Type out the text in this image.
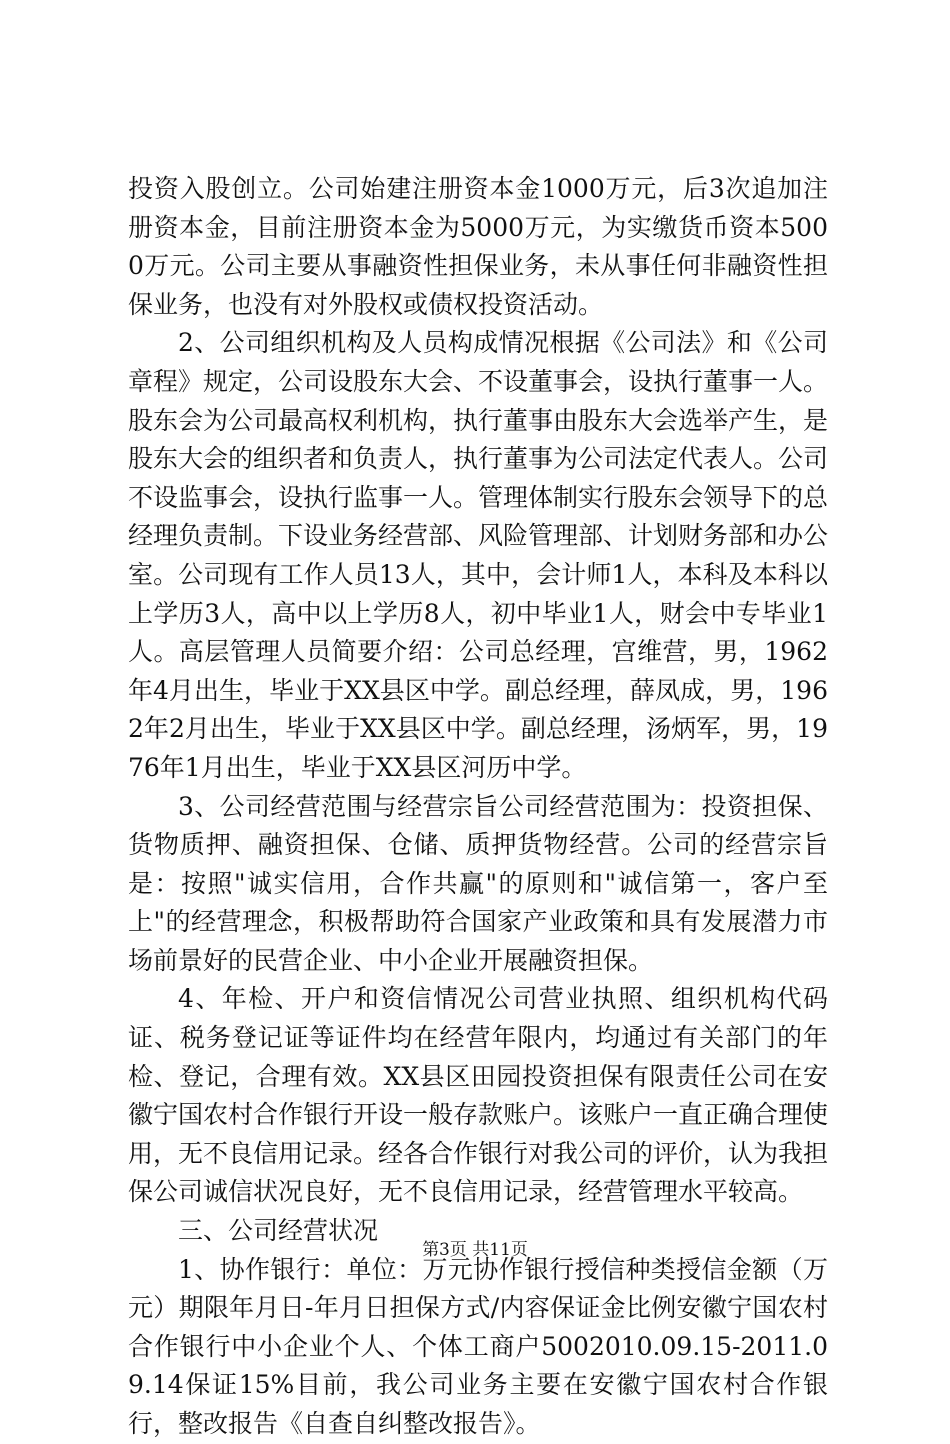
投资入股创立。公司始建注册资本金1000万元，后3次追加注册资本金，目前注册资本金为5000万元，为实缴货币资本5000万元。公司主要从事融资性担保业务，未从事任何非融资性担保业务，也没有对外股权或债权投资活动。

2、公司组织机构及人员构成情况根据《公司法》和《公司章程》规定，公司设股东大会、不设董事会，设执行董事一人。股东会为公司最高权利机构，执行董事由股东大会选举产生，是股东大会的组织者和负责人，执行董事为公司法定代表人。公司不设监事会，设执行监事一人。管理体制实行股东会领导下的总经理负责制。下设业务经营部、风险管理部、计划财务部和办公室。公司现有工作人员13人，其中，会计师1人，本科及本科以上学历3人，高中以上学历8人，初中毕业1人，财会中专毕业1人。高层管理人员简要介绍：公司总经理，宫维营，男，1962年4月出生，毕业于XX县区中学。副总经理，薛凤成，男，1962年2月出生，毕业于XX县区中学。副总经理，汤炳军，男，1976年1月出生，毕业于XX县区河历中学。

3、公司经营范围与经营宗旨公司经营范围为：投资担保、货物质押、融资担保、仓储、质押货物经营。公司的经营宗旨是：按照"诚实信用，合作共赢"的原则和"诚信第一，客户至上"的经营理念，积极帮助符合国家产业政策和具有发展潜力市场前景好的民营企业、中小企业开展融资担保。

4、年检、开户和资信情况公司营业执照、组织机构代码证、税务登记证等证件均在经营年限内，均通过有关部门的年检、登记，合理有效。XX县区田园投资担保有限责任公司在安徽宁国农村合作银行开设一般存款账户。该账户一直正确合理使用，无不良信用记录。经各合作银行对我公司的评价，认为我担保公司诚信状况良好，无不良信用记录，经营管理水平较高。

三、公司经营状况

1、协作银行：单位：万元协作银行授信种类授信金额（万元）期限年月日-年月日担保方式/内容保证金比例安徽宁国农村合作银行中小企业个人、个体工商户5002010.09.15-2011.09.14保证15%目前，我公司业务主要在安徽宁国农村合作银行，整改报告《自查自纠整改报告》。

第3页 共11页
